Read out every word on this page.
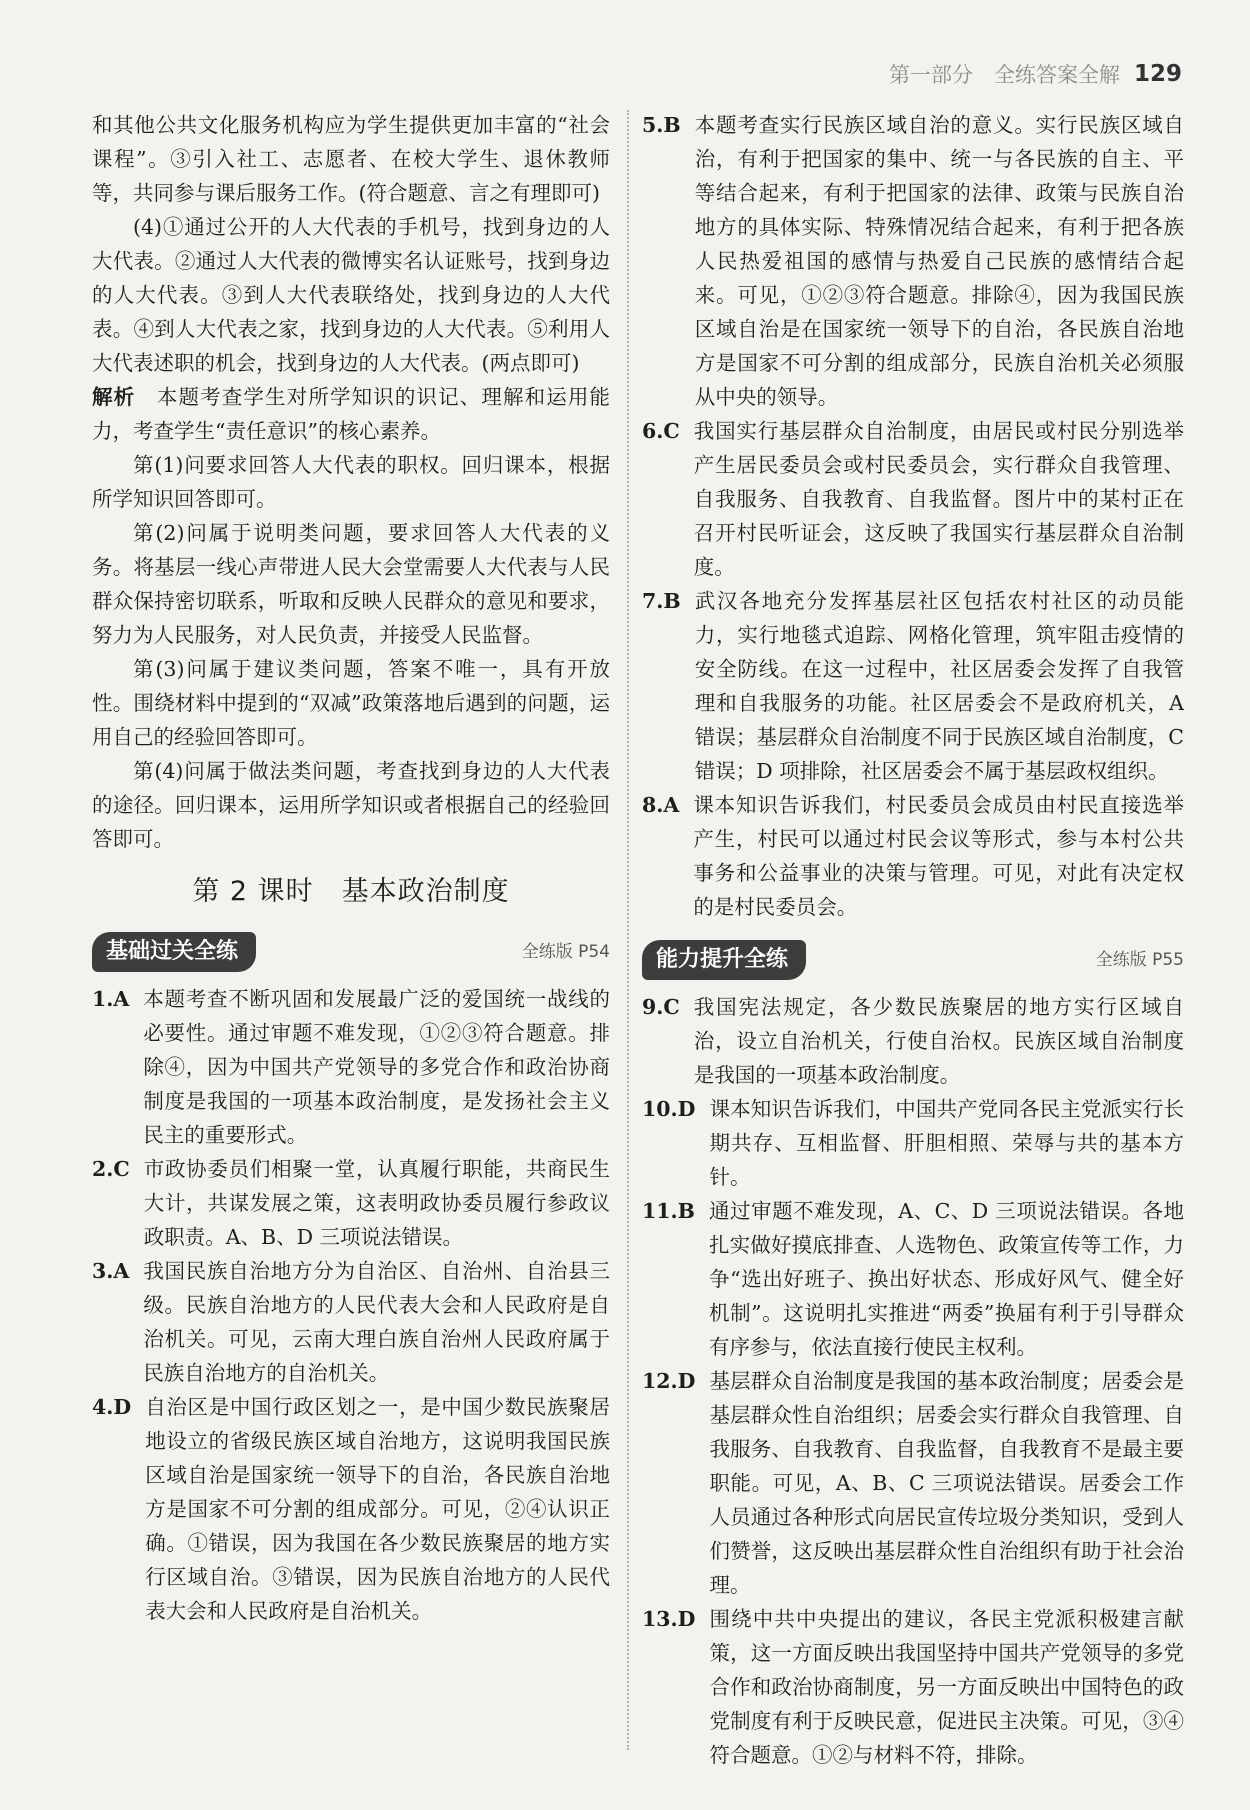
第一部分　全练答案全解 129

和其他公共文化服务机构应为学生提供更加丰富的“社会课程”。③引入社工、志愿者、在校大学生、退休教师等，共同参与课后服务工作。(符合题意、言之有理即可)

(4)①通过公开的人大代表的手机号，找到身边的人大代表。②通过人大代表的微博实名认证账号，找到身边的人大代表。③到人大代表联络处，找到身边的人大代表。④到人大代表之家，找到身边的人大代表。⑤利用人大代表述职的机会，找到身边的人大代表。(两点即可)

解析　 本题考查学生对所学知识的识记、理解和运用能力，考查学生“责任意识”的核心素养。

第(1)问要求回答人大代表的职权。回归课本，根据所学知识回答即可。

第(2)问属于说明类问题，要求回答人大代表的义务。将基层一线心声带进人民大会堂需要人大代表与人民群众保持密切联系，听取和反映人民群众的意见和要求，努力为人民服务，对人民负责，并接受人民监督。

第(3)问属于建议类问题，答案不唯一，具有开放性。围绕材料中提到的“双减”政策落地后遇到的问题，运用自己的经验回答即可。

第(4)问属于做法类问题，考查找到身边的人大代表的途径。回归课本，运用所学知识或者根据自己的经验回答即可。

第 2 课时　基本政治制度
基础过关全练	全练版 P54
1.A 本题考查不断巩固和发展最广泛的爱国统一战线的必要性。通过审题不难发现，①②③符合题意。排除④，因为中国共产党领导的多党合作和政治协商制度是我国的一项基本政治制度，是发扬社会主义民主的重要形式。
2.C 市政协委员们相聚一堂，认真履行职能，共商民生大计，共谋发展之策，这表明政协委员履行参政议政职责。A、B、D 三项说法错误。
3.A 我国民族自治地方分为自治区、自治州、自治县三级。民族自治地方的人民代表大会和人民政府是自治机关。可见，云南大理白族自治州人民政府属于民族自治地方的自治机关。
4.D 自治区是中国行政区划之一，是中国少数民族聚居地设立的省级民族区域自治地方，这说明我国民族区域自治是国家统一领导下的自治，各民族自治地方是国家不可分割的组成部分。可见，②④认识正确。①错误，因为我国在各少数民族聚居的地方实行区域自治。③错误，因为民族自治地方的人民代表大会和人民政府是自治机关。
5.B 本题考查实行民族区域自治的意义。实行民族区域自治，有利于把国家的集中、统一与各民族的自主、平等结合起来，有利于把国家的法律、政策与民族自治地方的具体实际、特殊情况结合起来，有利于把各族人民热爱祖国的感情与热爱自己民族的感情结合起来。可见，①②③符合题意。排除④，因为我国民族区域自治是在国家统一领导下的自治，各民族自治地方是国家不可分割的组成部分，民族自治机关必须服从中央的领导。
6.C 我国实行基层群众自治制度，由居民或村民分别选举产生居民委员会或村民委员会，实行群众自我管理、自我服务、自我教育、自我监督。图片中的某村正在召开村民听证会，这反映了我国实行基层群众自治制度。
7.B 武汉各地充分发挥基层社区包括农村社区的动员能力，实行地毯式追踪、网格化管理，筑牢阻击疫情的安全防线。在这一过程中，社区居委会发挥了自我管理和自我服务的功能。社区居委会不是政府机关，A 错误；基层群众自治制度不同于民族区域自治制度，C 错误；D 项排除，社区居委会不属于基层政权组织。
8.A 课本知识告诉我们，村民委员会成员由村民直接选举产生，村民可以通过村民会议等形式，参与本村公共事务和公益事业的决策与管理。可见，对此有决定权的是村民委员会。
能力提升全练	全练版 P55
9.C 我国宪法规定，各少数民族聚居的地方实行区域自治，设立自治机关，行使自治权。民族区域自治制度是我国的一项基本政治制度。
10.D 课本知识告诉我们，中国共产党同各民主党派实行长期共存、互相监督、肝胆相照、荣辱与共的基本方针。
11.B 通过审题不难发现，A、C、D 三项说法错误。各地扎实做好摸底排查、人选物色、政策宣传等工作，力争“选出好班子、换出好状态、形成好风气、健全好机制”。这说明扎实推进“两委”换届有利于引导群众有序参与，依法直接行使民主权利。
12.D 基层群众自治制度是我国的基本政治制度；居委会是基层群众性自治组织；居委会实行群众自我管理、自我服务、自我教育、自我监督，自我教育不是最主要职能。可见，A、B、C 三项说法错误。居委会工作人员通过各种形式向居民宣传垃圾分类知识，受到人们赞誉，这反映出基层群众性自治组织有助于社会治理。
13.D 围绕中共中央提出的建议，各民主党派积极建言献策，这一方面反映出我国坚持中国共产党领导的多党合作和政治协商制度，另一方面反映出中国特色的政党制度有利于反映民意，促进民主决策。可见，③④符合题意。①②与材料不符，排除。
